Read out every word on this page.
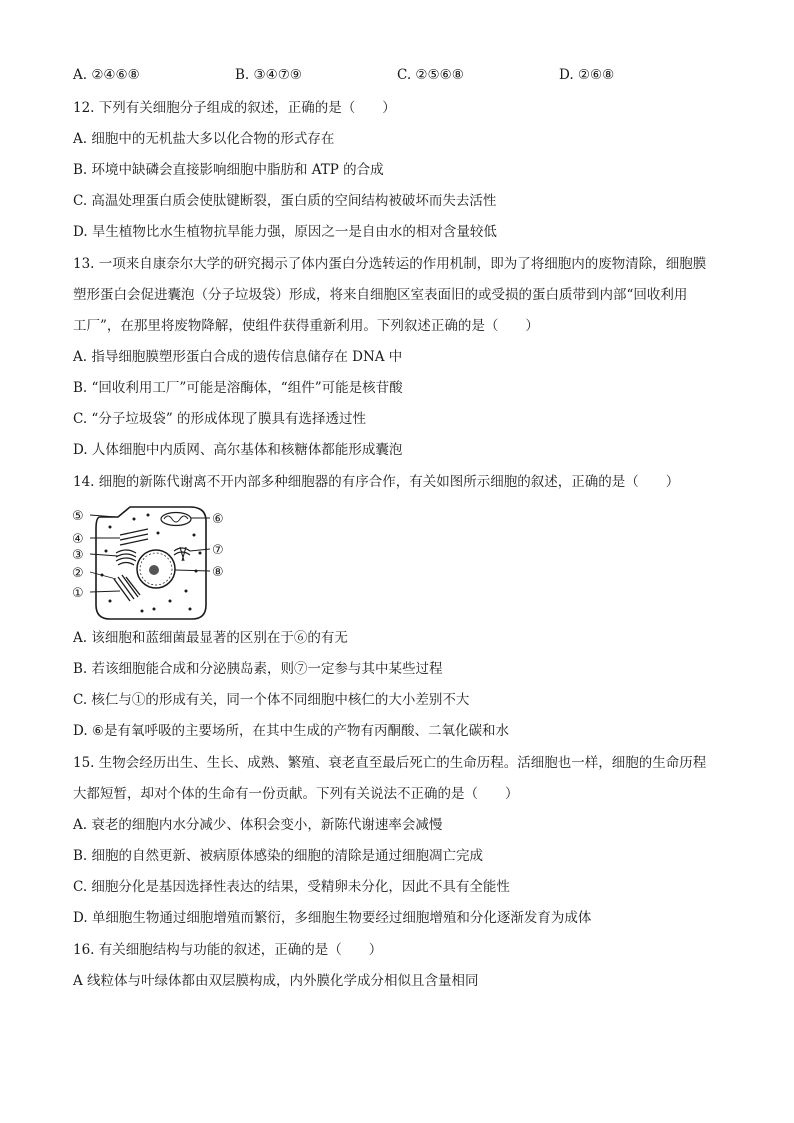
A. ②④⑥⑧	B. ③④⑦⑨	C. ②⑤⑥⑧	D. ②⑥⑧
12. 下列有关细胞分子组成的叙述，正确的是（　　）
A. 细胞中的无机盐大多以化合物的形式存在
B. 环境中缺磷会直接影响细胞中脂肪和 ATP 的合成
C. 高温处理蛋白质会使肽键断裂，蛋白质的空间结构被破坏而失去活性
D. 旱生植物比水生植物抗旱能力强，原因之一是自由水的相对含量较低
13. 一项来自康奈尔大学的研究揭示了体内蛋白分选转运的作用机制，即为了将细胞内的废物清除，细胞膜
塑形蛋白会促进囊泡（分子垃圾袋）形成，将来自细胞区室表面旧的或受损的蛋白质带到内部“回收利用
工厂”，在那里将废物降解，使组件获得重新利用。下列叙述正确的是（　　）
A. 指导细胞膜塑形蛋白合成的遗传信息储存在 DNA 中
B. “回收利用工厂”可能是溶酶体，“组件”可能是核苷酸
C. “分子垃圾袋” 的形成体现了膜具有选择透过性
D. 人体细胞中内质网、高尔基体和核糖体都能形成囊泡
14. 细胞的新陈代谢离不开内部多种细胞器的有序合作，有关如图所示细胞的叙述，正确的是（　　）
⑤
④
③
②
①
⑥
⑦
⑧
A. 该细胞和蓝细菌最显著的区别在于⑥的有无
B. 若该细胞能合成和分泌胰岛素，则⑦一定参与其中某些过程
C. 核仁与①的形成有关，同一个体不同细胞中核仁的大小差别不大
D. ⑥是有氧呼吸的主要场所，在其中生成的产物有丙酮酸、二氧化碳和水
15. 生物会经历出生、生长、成熟、繁殖、衰老直至最后死亡的生命历程。活细胞也一样，细胞的生命历程
大都短暂，却对个体的生命有一份贡献。下列有关说法不正确的是（　　）
A. 衰老的细胞内水分减少、体积会变小，新陈代谢速率会减慢
B. 细胞的自然更新、被病原体感染的细胞的清除是通过细胞凋亡完成
C. 细胞分化是基因选择性表达的结果，受精卵未分化，因此不具有全能性
D. 单细胞生物通过细胞增殖而繁衍，多细胞生物要经过细胞增殖和分化逐渐发育为成体
16. 有关细胞结构与功能的叙述，正确的是（　　）
A 线粒体与叶绿体都由双层膜构成，内外膜化学成分相似且含量相同
